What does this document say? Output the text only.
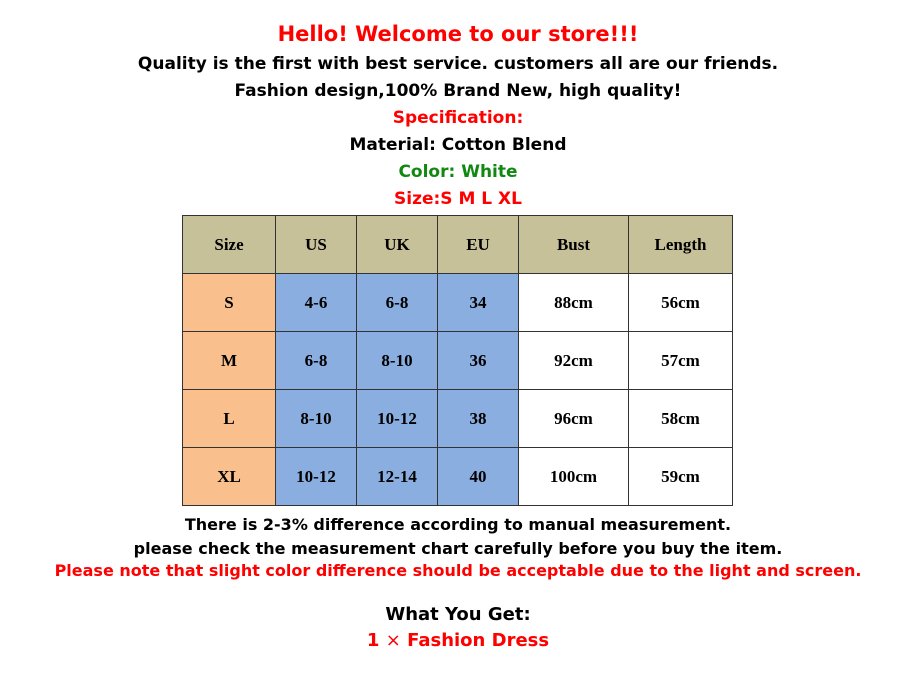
Hello! Welcome to our store!!!
Quality is the first with best service. customers all are our friends.
Fashion design,100% Brand New, high quality!
Specification:
Material: Cotton Blend
Color: White
Size:S M L XL
Size	US	UK	EU	Bust	Length
S	4-6	6-8	34	88cm	56cm
M	6-8	8-10	36	92cm	57cm
L	8-10	10-12	38	96cm	58cm
XL	10-12	12-14	40	100cm	59cm
There is 2-3% difference according to manual measurement.
please check the measurement chart carefully before you buy the item.
Please note that slight color difference should be acceptable due to the light and screen.
What You Get:
1 × Fashion Dress
